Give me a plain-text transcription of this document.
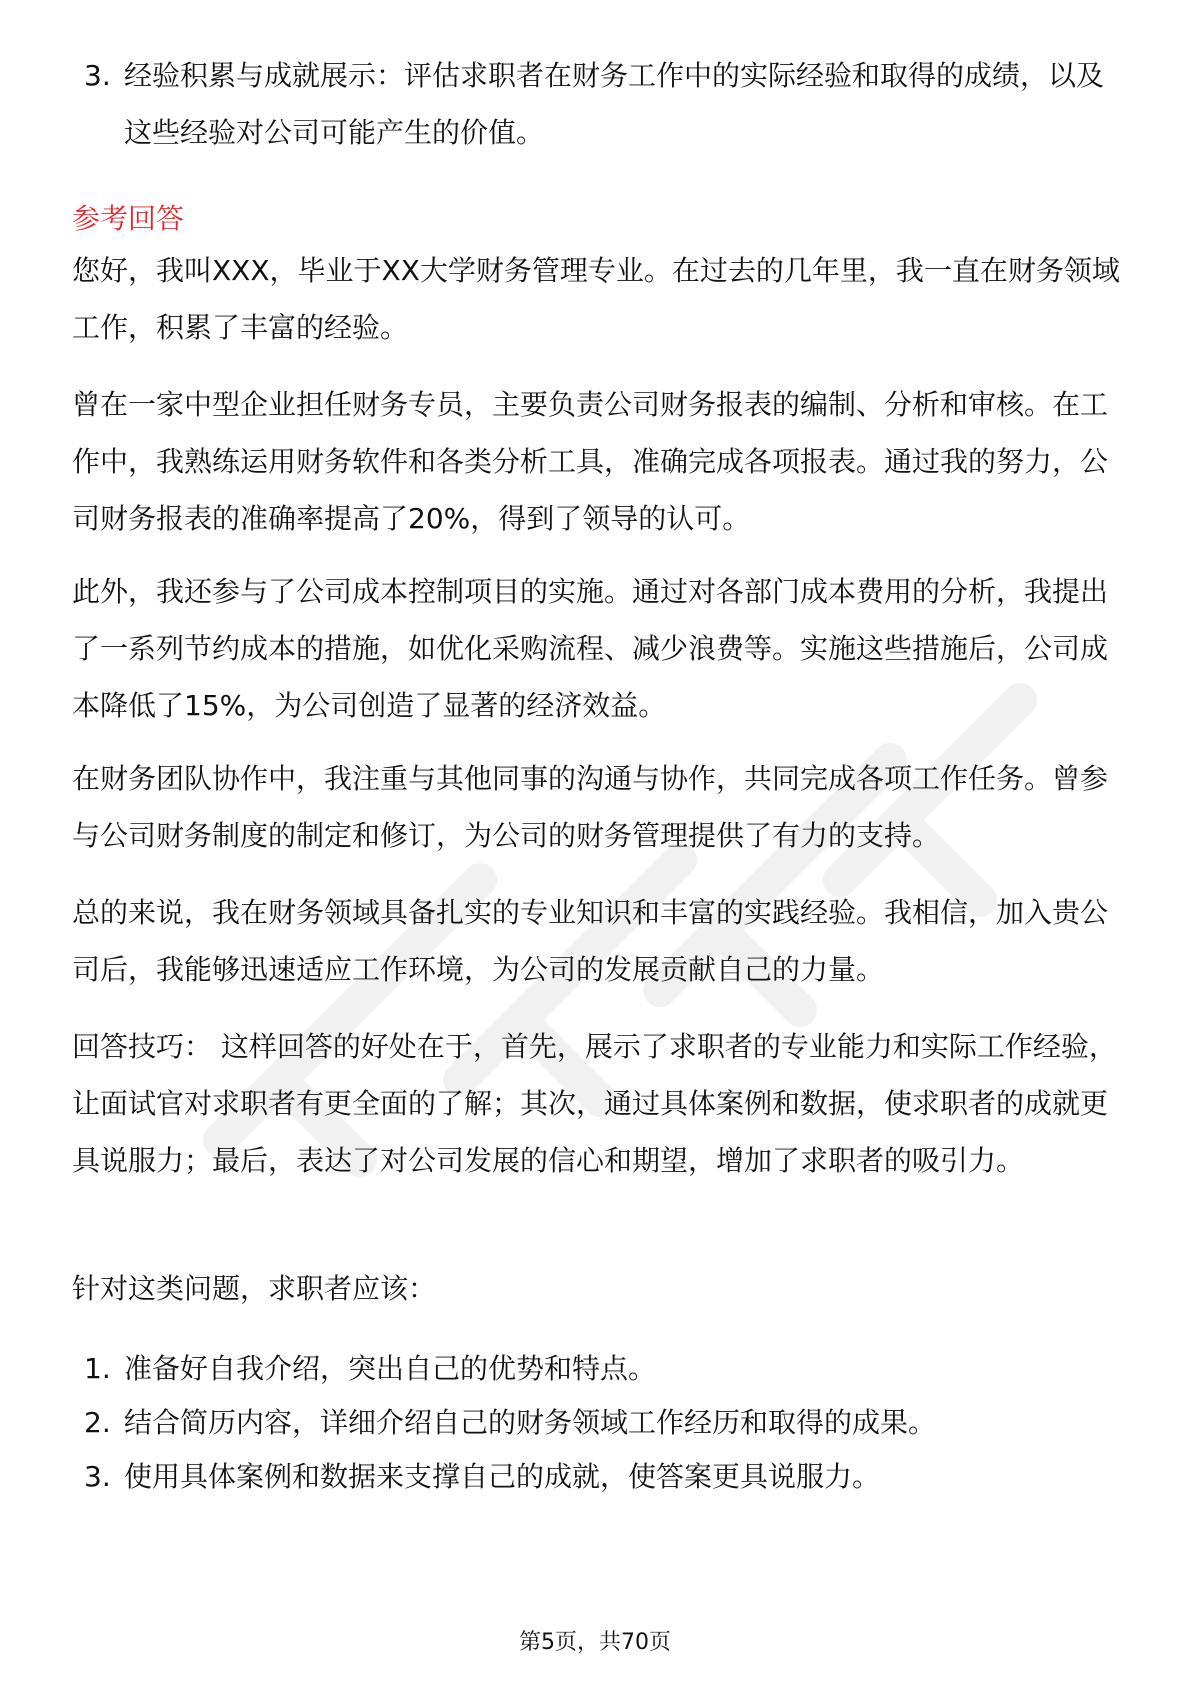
3. 经验积累与成就展示：评估求职者在财务工作中的实际经验和取得的成绩，以及这些经验对公司可能产生的价值。
参考回答

您好，我叫XXX，毕业于XX大学财务管理专业。在过去的几年里，我一直在财务领域工作，积累了丰富的经验。

曾在一家中型企业担任财务专员，主要负责公司财务报表的编制、分析和审核。在工作中，我熟练运用财务软件和各类分析工具，准确完成各项报表。通过我的努力，公司财务报表的准确率提高了20%，得到了领导的认可。

此外，我还参与了公司成本控制项目的实施。通过对各部门成本费用的分析，我提出了一系列节约成本的措施，如优化采购流程、减少浪费等。实施这些措施后，公司成本降低了15%，为公司创造了显著的经济效益。

在财务团队协作中，我注重与其他同事的沟通与协作，共同完成各项工作任务。曾参与公司财务制度的制定和修订，为公司的财务管理提供了有力的支持。

总的来说，我在财务领域具备扎实的专业知识和丰富的实践经验。我相信，加入贵公司后，我能够迅速适应工作环境，为公司的发展贡献自己的力量。

回答技巧： 这样回答的好处在于，首先，展示了求职者的专业能力和实际工作经验，让面试官对求职者有更全面的了解；其次，通过具体案例和数据，使求职者的成就更具说服力；最后，表达了对公司发展的信心和期望，增加了求职者的吸引力。

针对这类问题，求职者应该：

1. 准备好自我介绍，突出自己的优势和特点。
2. 结合简历内容，详细介绍自己的财务领域工作经历和取得的成果。
3. 使用具体案例和数据来支撑自己的成就，使答案更具说服力。
第5页，共70页
